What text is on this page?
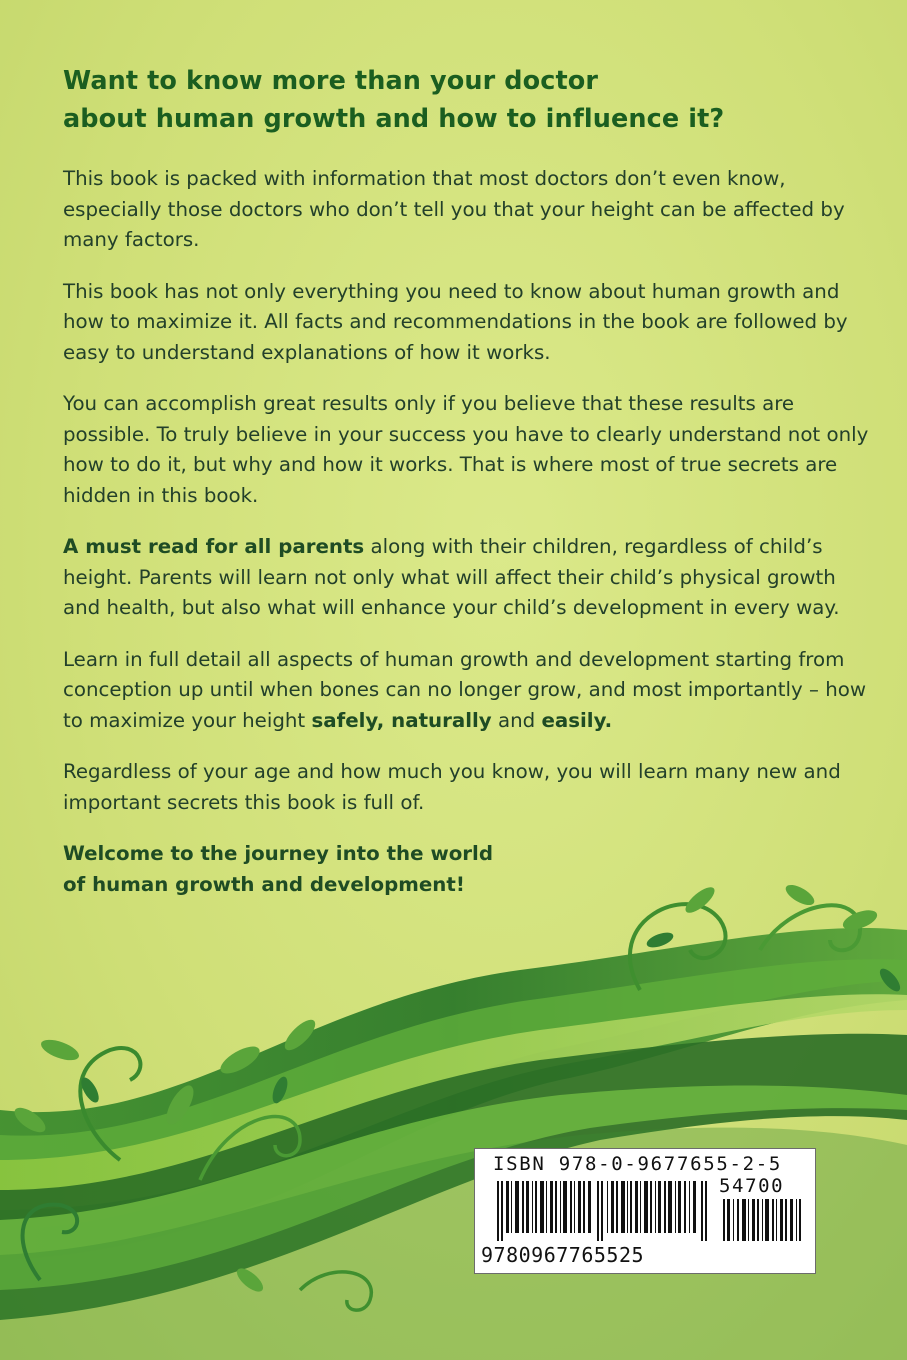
Want to know more than your doctor
about human growth and how to influence it?

This book is packed with information that most doctors don’t even know, especially those doctors who don’t tell you that your height can be affected by many factors.

This book has not only everything you need to know about human growth and how to maximize it. All facts and recommendations in the book are followed by easy to understand explanations of how it works.

You can accomplish great results only if you believe that these results are possible. To truly believe in your success you have to clearly understand not only how to do it, but why and how it works. That is where most of true secrets are hidden in this book.

A must read for all parents along with their children, regardless of child’s height. Parents will learn not only what will affect their child’s physical growth and health, but also what will enhance your child’s development in every way.

Learn in full detail all aspects of human growth and development starting from conception up until when bones can no longer grow, and most importantly – how to maximize your height safely, naturally and easily.

Regardless of your age and how much you know, you will learn many new and important secrets this book is full of.

Welcome to the journey into the world
of human growth and development!

ISBN 978-0-9677655-2-5
54700
9780967765525
